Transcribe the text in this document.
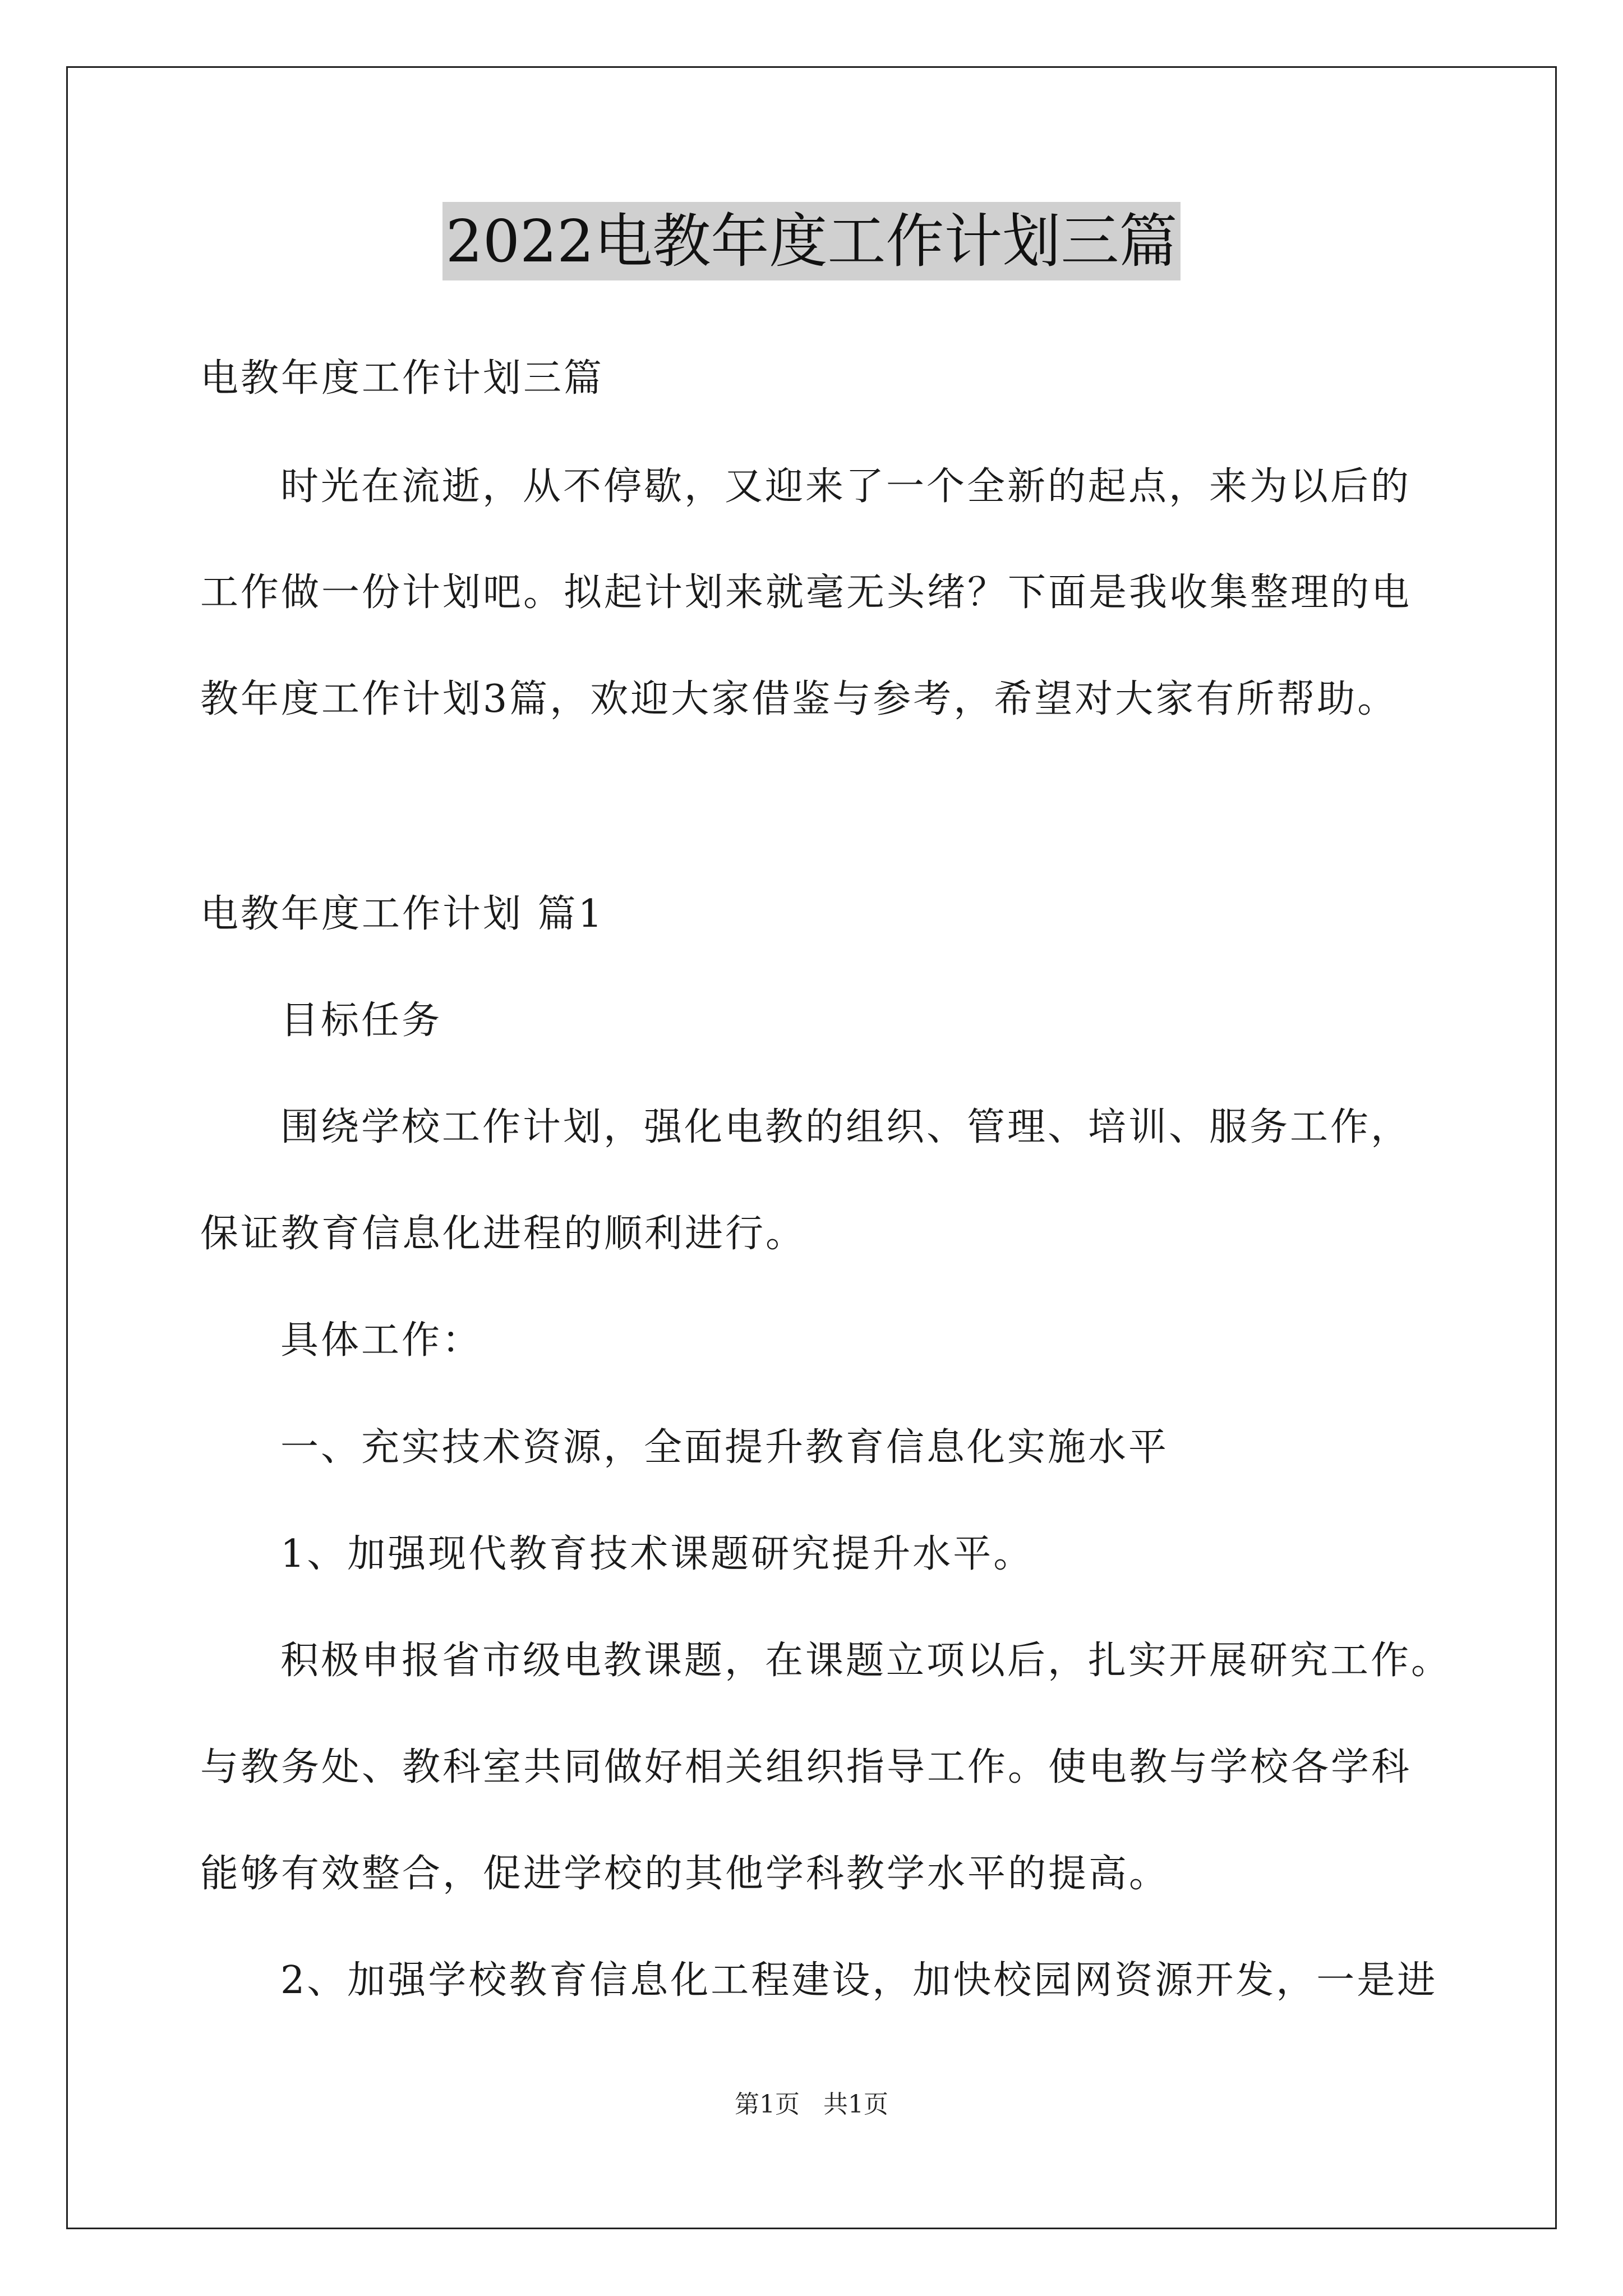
2022电教年度工作计划三篇
电教年度工作计划三篇
时光在流逝，从不停歇，又迎来了一个全新的起点，来为以后的
工作做一份计划吧。拟起计划来就毫无头绪？下面是我收集整理的电
教年度工作计划3篇，欢迎大家借鉴与参考，希望对大家有所帮助。
电教年度工作计划 篇1
目标任务
围绕学校工作计划，强化电教的组织、管理、培训、服务工作，
保证教育信息化进程的顺利进行。
具体工作：
一、充实技术资源，全面提升教育信息化实施水平
1、加强现代教育技术课题研究提升水平。
积极申报省市级电教课题，在课题立项以后，扎实开展研究工作。
与教务处、教科室共同做好相关组织指导工作。使电教与学校各学科
能够有效整合，促进学校的其他学科教学水平的提高。
2、加强学校教育信息化工程建设，加快校园网资源开发，一是进
第1页 共1页
